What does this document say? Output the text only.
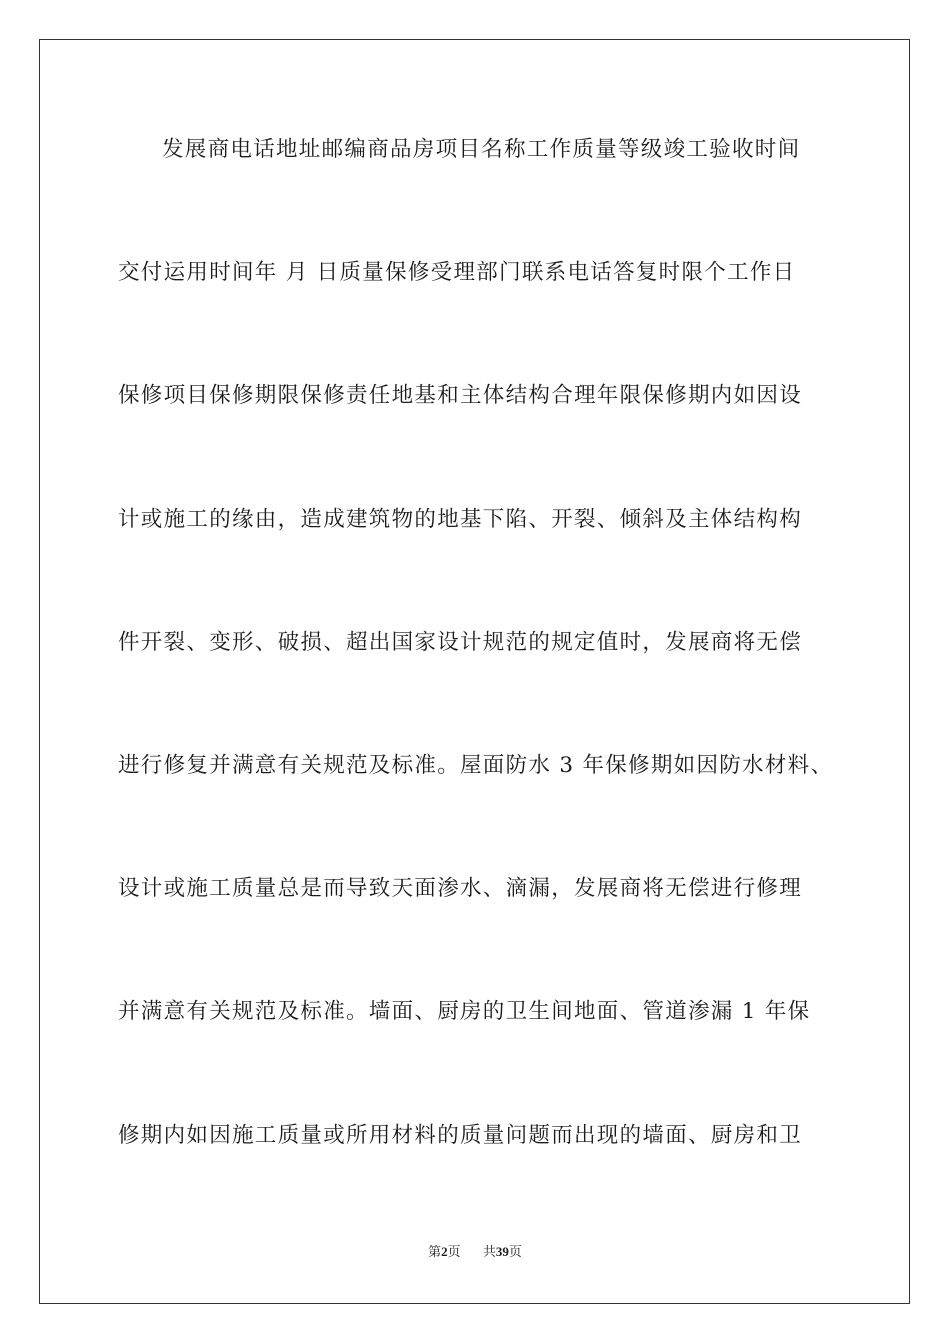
发展商电话地址邮编商品房项目名称工作质量等级竣工验收时间
交付运用时间年 月 日质量保修受理部门联系电话答复时限个工作日
保修项目保修期限保修责任地基和主体结构合理年限保修期内如因设
计或施工的缘由，造成建筑物的地基下陷、开裂、倾斜及主体结构构
件开裂、变形、破损、超出国家设计规范的规定值时，发展商将无偿
进行修复并满意有关规范及标准。屋面防水 3 年保修期如因防水材料、
设计或施工质量总是而导致天面渗水、滴漏，发展商将无偿进行修理
并满意有关规范及标准。墙面、厨房的卫生间地面、管道渗漏 1 年保
修期内如因施工质量或所用材料的质量问题而出现的墙面、厨房和卫
第2页 共39页
